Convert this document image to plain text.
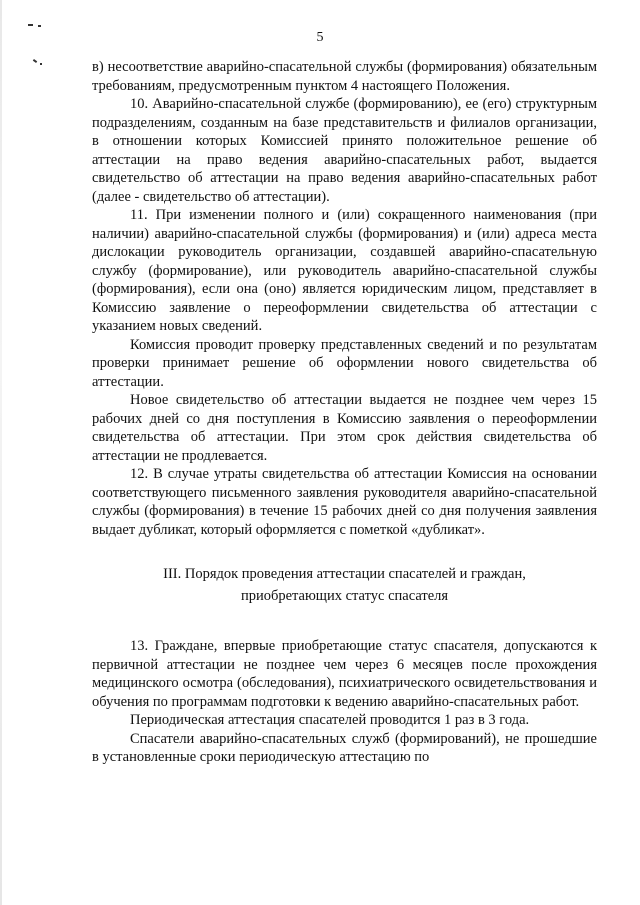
5

в) несоответствие аварийно-спасательной службы (формирования) обязательным требованиям, предусмотренным пунктом 4 настоящего Положения.

10. Аварийно-спасательной службе (формированию), ее (его) структурным подразделениям, созданным на базе представительств и филиалов организации, в отношении которых Комиссией принято положительное решение об аттестации на право ведения аварийно-спасательных работ, выдается свидетельство об аттестации на право ведения аварийно-спасательных работ (далее - свидетельство об аттестации).

11. При изменении полного и (или) сокращенного наименования (при наличии) аварийно-спасательной службы (формирования) и (или) адреса места дислокации руководитель организации, создавшей аварийно-спасательную службу (формирование), или руководитель аварийно-спасательной службы (формирования), если она (оно) является юридическим лицом, представляет в Комиссию заявление о переоформлении свидетельства об аттестации с указанием новых сведений.

Комиссия проводит проверку представленных сведений и по результатам проверки принимает решение об оформлении нового свидетельства об аттестации.

Новое свидетельство об аттестации выдается не позднее чем через 15 рабочих дней со дня поступления в Комиссию заявления о переоформлении свидетельства об аттестации. При этом срок действия свидетельства об аттестации не продлевается.

12. В случае утраты свидетельства об аттестации Комиссия на основании соответствующего письменного заявления руководителя аварийно-спасательной службы (формирования) в течение 15 рабочих дней со дня получения заявления выдает дубликат, который оформляется с пометкой «дубликат».

III. Порядок проведения аттестации спасателей и граждан,
приобретающих статус спасателя

13. Граждане, впервые приобретающие статус спасателя, допускаются к первичной аттестации не позднее чем через 6 месяцев после прохождения медицинского осмотра (обследования), психиатрического освидетельствования и обучения по программам подготовки к ведению аварийно-спасательных работ.

Периодическая аттестация спасателей проводится 1 раз в 3 года.

Спасатели аварийно-спасательных служб (формирований), не прошедшие в установленные сроки периодическую аттестацию по
